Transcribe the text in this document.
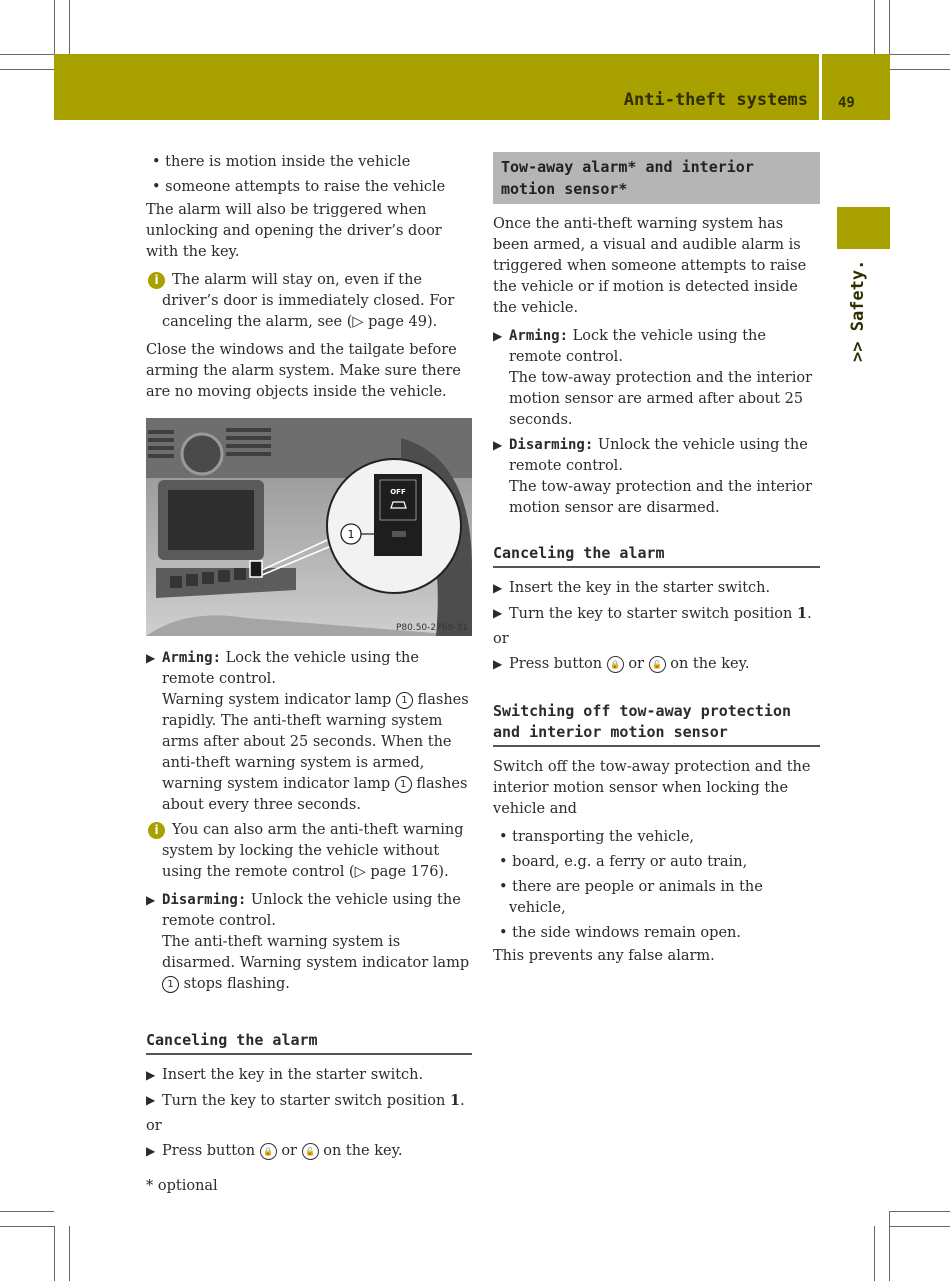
Anti-theft systems 49
>> Safety.

• there is motion inside the vehicle

• someone attempts to raise the vehicle

The alarm will also be triggered when unlocking and opening the driver’s door with the key.

i The alarm will stay on, even if the driver’s door is immediately closed. For canceling the alarm, see (▷ page 49).

Close the windows and the tailgate before arming the alarm system. Make sure there are no moving objects inside the vehicle.

OFF
1
P80.50-2768-31

▶ Arming: Lock the vehicle using the remote control.
Warning system indicator lamp 1 flashes rapidly. The anti-theft warning system arms after about 25 seconds. When the anti-theft warning system is armed, warning system indicator lamp 1 flashes about every three seconds.

i You can also arm the anti-theft warning system by locking the vehicle without using the remote control (▷ page 176).

▶ Disarming: Unlock the vehicle using the remote control.
The anti-theft warning system is disarmed. Warning system indicator lamp 1 stops flashing.

Canceling the alarm

▶ Insert the key in the starter switch.

▶ Turn the key to starter switch position 1.

or

▶ Press button 🔒 or 🔓 on the key.

* optional

Tow-away alarm* and interior motion sensor*

Once the anti-theft warning system has been armed, a visual and audible alarm is triggered when someone attempts to raise the vehicle or if motion is detected inside the vehicle.

▶ Arming: Lock the vehicle using the remote control.
The tow-away protection and the interior motion sensor are armed after about 25 seconds.

▶ Disarming: Unlock the vehicle using the remote control.
The tow-away protection and the interior motion sensor are disarmed.

Canceling the alarm

▶ Insert the key in the starter switch.

▶ Turn the key to starter switch position 1.

or

▶ Press button 🔒 or 🔓 on the key.

Switching off tow-away protection and interior motion sensor

Switch off the tow-away protection and the interior motion sensor when locking the vehicle and

• transporting the vehicle,

• board, e.g. a ferry or auto train,

• there are people or animals in the vehicle,

• the side windows remain open.

This prevents any false alarm.
